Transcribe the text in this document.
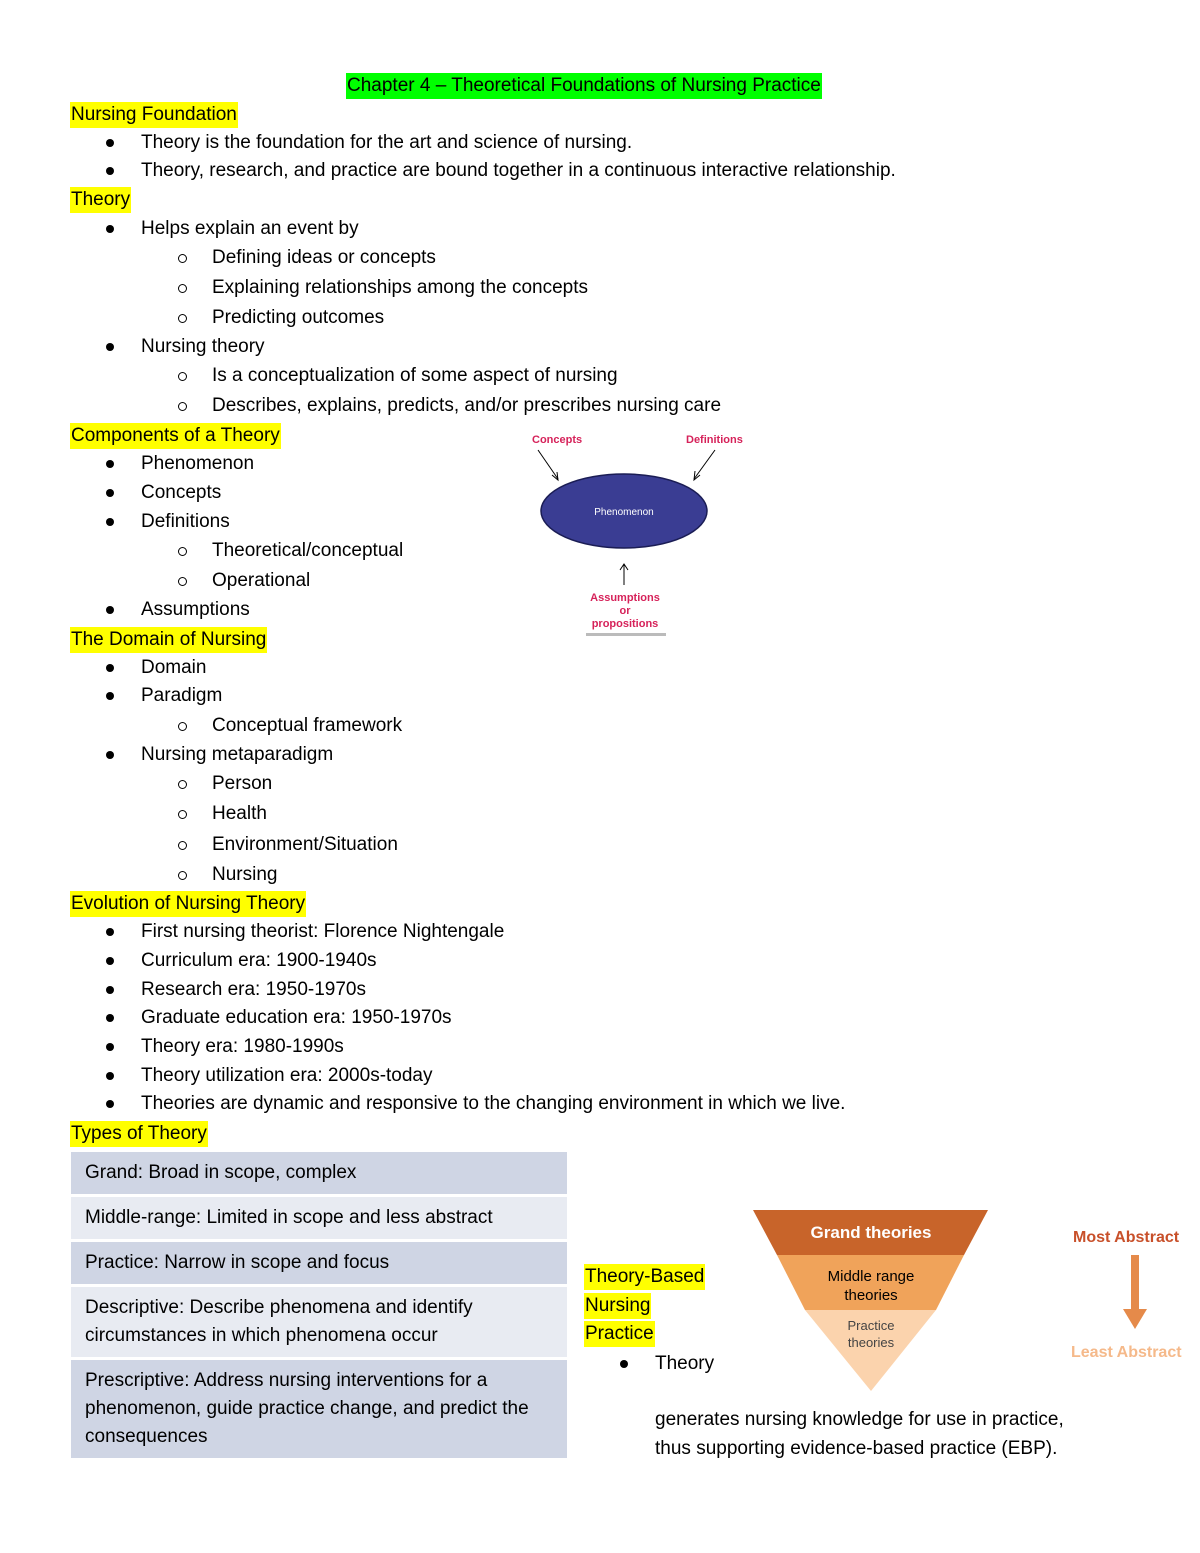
Chapter 4 – Theoretical Foundations of Nursing Practice
Nursing Foundation
Theory is the foundation for the art and science of nursing.
Theory, research, and practice are bound together in a continuous interactive relationship.
Theory
Helps explain an event by
Defining ideas or concepts
Explaining relationships among the concepts
Predicting outcomes
Nursing theory
Is a conceptualization of some aspect of nursing
Describes, explains, predicts, and/or prescribes nursing care
Components of a Theory
Phenomenon
Concepts
Definitions
Theoretical/conceptual
Operational
Assumptions
Concepts	Definitions
Phenomenon
Assumptions
or
propositions
The Domain of Nursing
Domain
Paradigm
Conceptual framework
Nursing metaparadigm
Person
Health
Environment/Situation
Nursing
Evolution of Nursing Theory
First nursing theorist: Florence Nightengale
Curriculum era: 1900-1940s
Research era: 1950-1970s
Graduate education era: 1950-1970s
Theory era: 1980-1990s
Theory utilization era: 2000s-today
Theories are dynamic and responsive to the changing environment in which we live.
Types of Theory
Grand: Broad in scope, complex
Middle-range: Limited in scope and less abstract
Practice: Narrow in scope and focus
Descriptive: Describe phenomena and identify circumstances in which phenomena occur
Prescriptive: Address nursing interventions for a phenomenon, guide practice change, and predict the consequences
Theory-Based
Nursing
Practice
Theory
generates nursing knowledge for use in practice,
thus supporting evidence-based practice (EBP).
Grand theories
Middle range
theories
Practice
theories
Most Abstract
Least Abstract
